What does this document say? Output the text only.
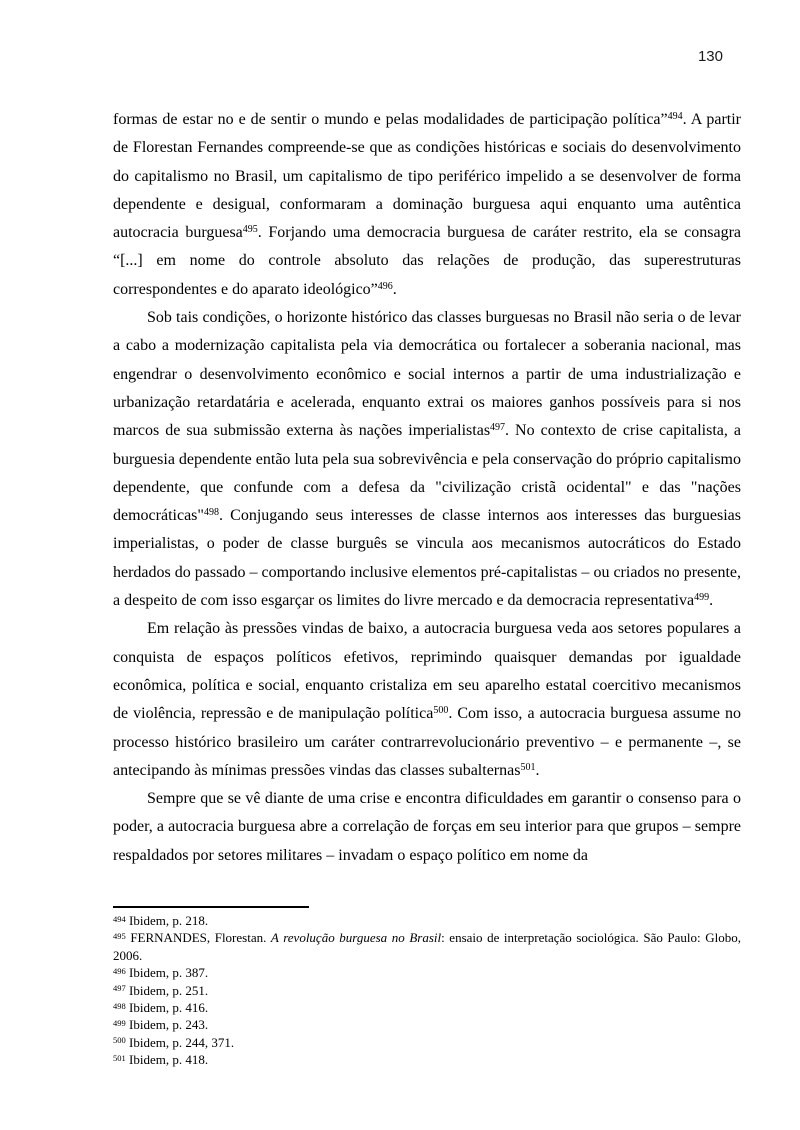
130

formas de estar no e de sentir o mundo e pelas modalidades de participação política”$^{494}$. A partir de Florestan Fernandes compreende-se que as condições históricas e sociais do desenvolvimento do capitalismo no Brasil, um capitalismo de tipo periférico impelido a se desenvolver de forma dependente e desigual, conformaram a dominação burguesa aqui enquanto uma autêntica autocracia burguesa$^{495}$. Forjando uma democracia burguesa de caráter restrito, ela se consagra “[...] em nome do controle absoluto das relações de produção, das superestruturas correspondentes e do aparato ideológico”$^{496}$.

Sob tais condições, o horizonte histórico das classes burguesas no Brasil não seria o de levar a cabo a modernização capitalista pela via democrática ou fortalecer a soberania nacional, mas engendrar o desenvolvimento econômico e social internos a partir de uma industrialização e urbanização retardatária e acelerada, enquanto extrai os maiores ganhos possíveis para si nos marcos de sua submissão externa às nações imperialistas$^{497}$. No contexto de crise capitalista, a burguesia dependente então luta pela sua sobrevivência e pela conservação do próprio capitalismo dependente, que confunde com a defesa da "civilização cristã ocidental" e das "nações democráticas"$^{498}$. Conjugando seus interesses de classe internos aos interesses das burguesias imperialistas, o poder de classe burguês se vincula aos mecanismos autocráticos do Estado herdados do passado – comportando inclusive elementos pré-capitalistas – ou criados no presente, a despeito de com isso esgarçar os limites do livre mercado e da democracia representativa$^{499}$.

Em relação às pressões vindas de baixo, a autocracia burguesa veda aos setores populares a conquista de espaços políticos efetivos, reprimindo quaisquer demandas por igualdade econômica, política e social, enquanto cristaliza em seu aparelho estatal coercitivo mecanismos de violência, repressão e de manipulação política$^{500}$. Com isso, a autocracia burguesa assume no processo histórico brasileiro um caráter contrarrevolucionário preventivo – e permanente –, se antecipando às mínimas pressões vindas das classes subalternas$^{501}$.

Sempre que se vê diante de uma crise e encontra dificuldades em garantir o consenso para o poder, a autocracia burguesa abre a correlação de forças em seu interior para que grupos – sempre respaldados por setores militares – invadam o espaço político em nome da

$^{494}$ Ibidem, p. 218.
$^{495}$ FERNANDES, Florestan. A revolução burguesa no Brasil: ensaio de interpretação sociológica. São Paulo: Globo, 2006.
$^{496}$ Ibidem, p. 387.
$^{497}$ Ibidem, p. 251.
$^{498}$ Ibidem, p. 416.
$^{499}$ Ibidem, p. 243.
$^{500}$ Ibidem, p. 244, 371.
$^{501}$ Ibidem, p. 418.
